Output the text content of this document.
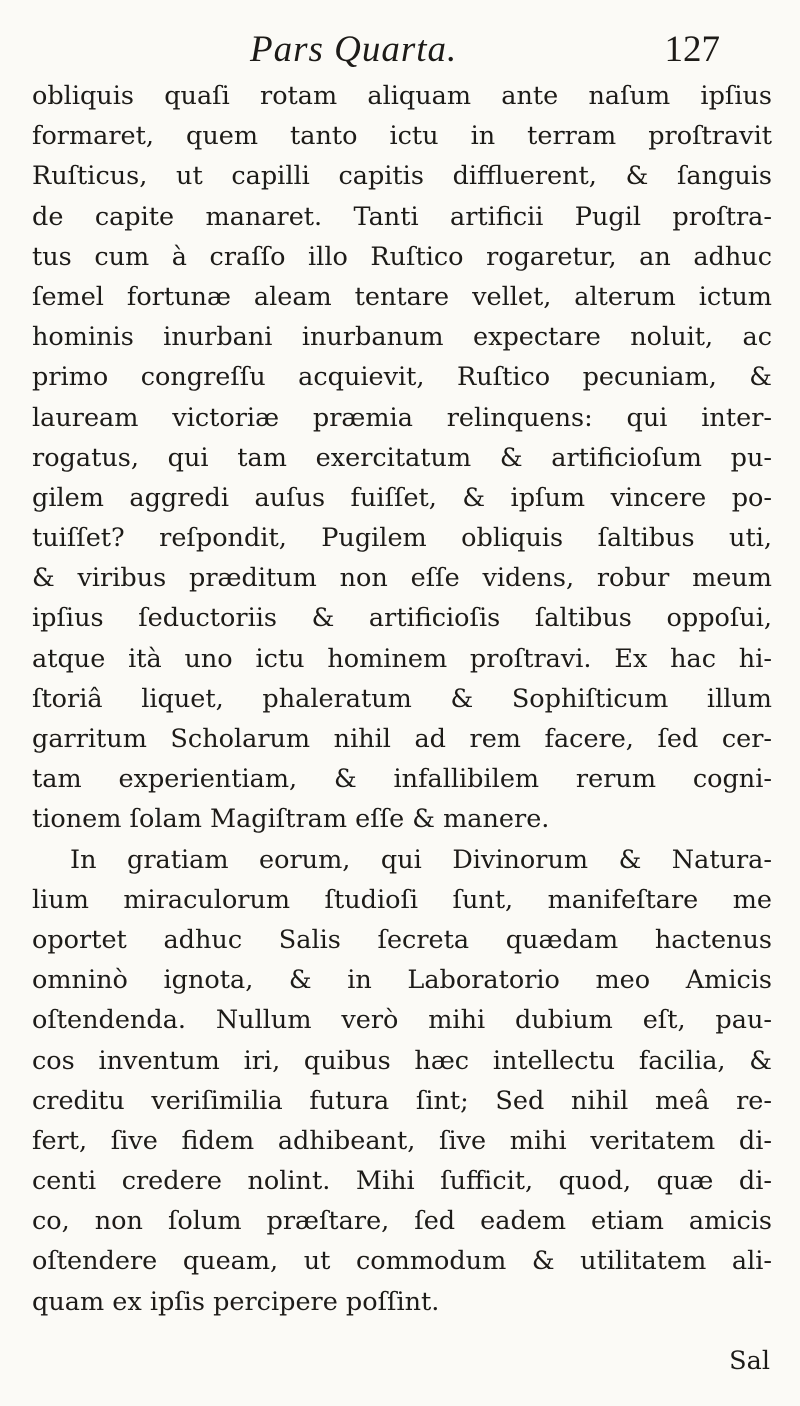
Pars Quarta.	127
obliquis quaſi rotam aliquam ante naſum ipſius
formaret, quem tanto ictu in terram proſtravit
Ruſticus, ut capilli capitis diffluerent, & ſanguis
de capite manaret. Tanti artificii Pugil proſtra-
tus cum à craſſo illo Ruſtico rogaretur, an adhuc
ſemel fortunæ aleam tentare vellet, alterum ictum
hominis inurbani inurbanum expectare noluit, ac
primo congreſſu acquievit, Ruſtico pecuniam, &
lauream victoriæ præmia relinquens: qui inter-
rogatus, qui tam exercitatum & artificioſum pu-
gilem aggredi auſus fuiſſet, & ipſum vincere po-
tuiſſet? reſpondit, Pugilem obliquis ſaltibus uti,
& viribus præditum non eſſe videns, robur meum
ipſius ſeductoriis & artificioſis ſaltibus oppoſui,
atque ità uno ictu hominem proſtravi. Ex hac hi-
ſtoriâ liquet, phaleratum & Sophiſticum illum
garritum Scholarum nihil ad rem facere, ſed cer-
tam experientiam, & infallibilem rerum cogni-
tionem ſolam Magiſtram eſſe & manere.
In gratiam eorum, qui Divinorum & Natura-
lium miraculorum ſtudioſi ſunt, manifeſtare me
oportet adhuc Salis ſecreta quædam hactenus
omninò ignota, & in Laboratorio meo Amicis
oſtendenda. Nullum verò mihi dubium eſt, pau-
cos inventum iri, quibus hæc intellectu facilia, &
creditu veriſimilia futura ſint; Sed nihil meâ re-
fert, ſive fidem adhibeant, ſive mihi veritatem di-
centi credere nolint. Mihi ſufficit, quod, quæ di-
co, non ſolum præſtare, ſed eadem etiam amicis
oſtendere queam, ut commodum & utilitatem ali-
quam ex ipſis percipere poſſint.
Sal
